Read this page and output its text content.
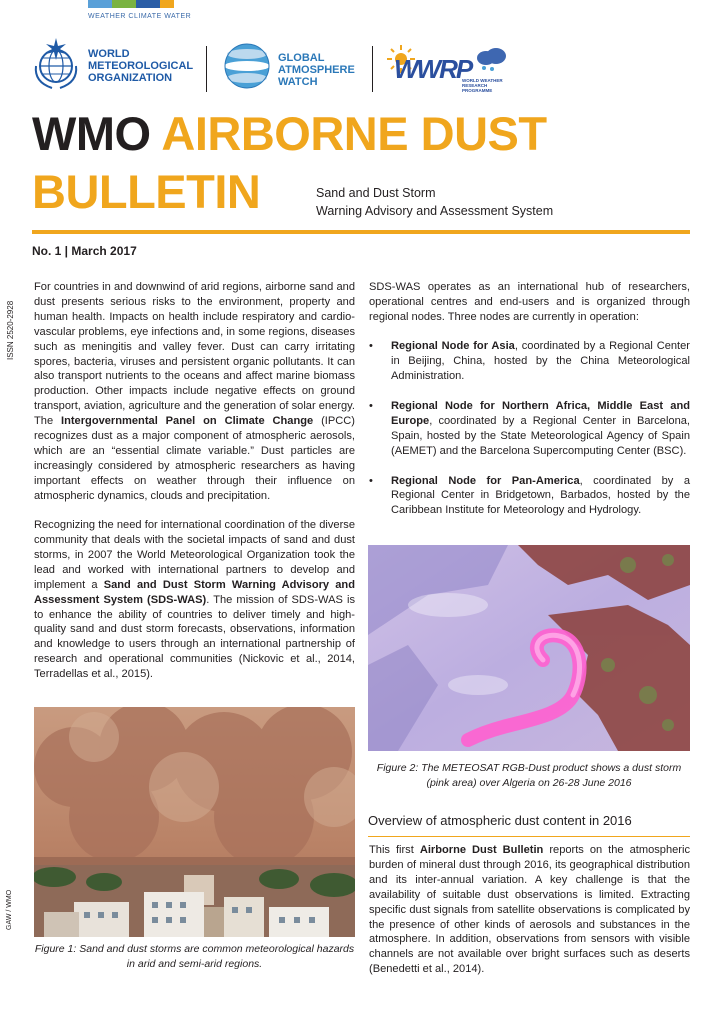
WEATHER CLIMATE WATER
WORLD
METEOROLOGICAL
ORGANIZATION
GLOBAL
ATMOSPHERE
WATCH	WWRP
WORLD WEATHER
RESEARCH PROGRAMME
WMO AIRBORNE DUST
BULLETIN	Sand and Dust Storm
Warning Advisory and Assessment System
No. 1 | March 2017
ISSN 2520-2928

For countries in and downwind of arid regions, airborne sand and dust presents serious risks to the environment, property and human health. Impacts on health include respiratory and cardio-vascular problems, eye infections and, in some regions, diseases such as meningitis and valley fever. Dust can carry irritating spores, bacteria, viruses and persistent organic pollutants. It can also transport nutrients to the oceans and affect marine biomass production. Other impacts include negative effects on ground transport, aviation, agriculture and the generation of solar energy. The Intergovernmental Panel on Climate Change (IPCC) recognizes dust as a major component of atmospheric aerosols, which are an “essential climate variable.” Dust particles are increasingly considered by atmospheric researchers as having important effects on weather through their influence on atmospheric dynamics, clouds and precipitation.

Recognizing the need for international coordination of the diverse community that deals with the societal impacts of sand and dust storms, in 2007 the World Meteorological Organization took the lead and worked with international partners to develop and implement a Sand and Dust Storm Warning Advisory and Assessment System (SDS-WAS). The mission of SDS-WAS is to enhance the ability of countries to deliver timely and high- quality sand and dust storm forecasts, observations, information and knowledge to users through an international partnership of research and operational communities (Nickovic et al., 2014, Terradellas et al., 2015).

GAW / WMO
Figure 1: Sand and dust storms are common meteorological hazards in arid and semi-arid regions.

SDS-WAS operates as an international hub of researchers, operational centres and end-users and is organized through regional nodes. Three nodes are currently in operation:

• Regional Node for Asia, coordinated by a Regional Center in Beijing, China, hosted by the China Meteorological Administration.
• Regional Node for Northern Africa, Middle East and Europe, coordinated by a Regional Center in Barcelona, Spain, hosted by the State Meteorological Agency of Spain (AEMET) and the Barcelona Supercomputing Center (BSC).
• Regional Node for Pan-America, coordinated by a Regional Center in Bridgetown, Barbados, hosted by the Caribbean Institute for Meteorology and Hydrology.
Figure 2: The METEOSAT RGB-Dust product shows a dust storm (pink area) over Algeria on 26-28 June 2016
Overview of atmospheric dust content in 2016

This first Airborne Dust Bulletin reports on the atmospheric burden of mineral dust through 2016, its geographical distribution and its inter-annual variation. A key challenge is that the availability of suitable dust observations is limited. Extracting specific dust signals from satellite observations is complicated by the presence of other kinds of aerosols and substances in the atmosphere. In addition, observations from sensors with visible channels are not available over bright surfaces such as deserts (Benedetti et al., 2014).
